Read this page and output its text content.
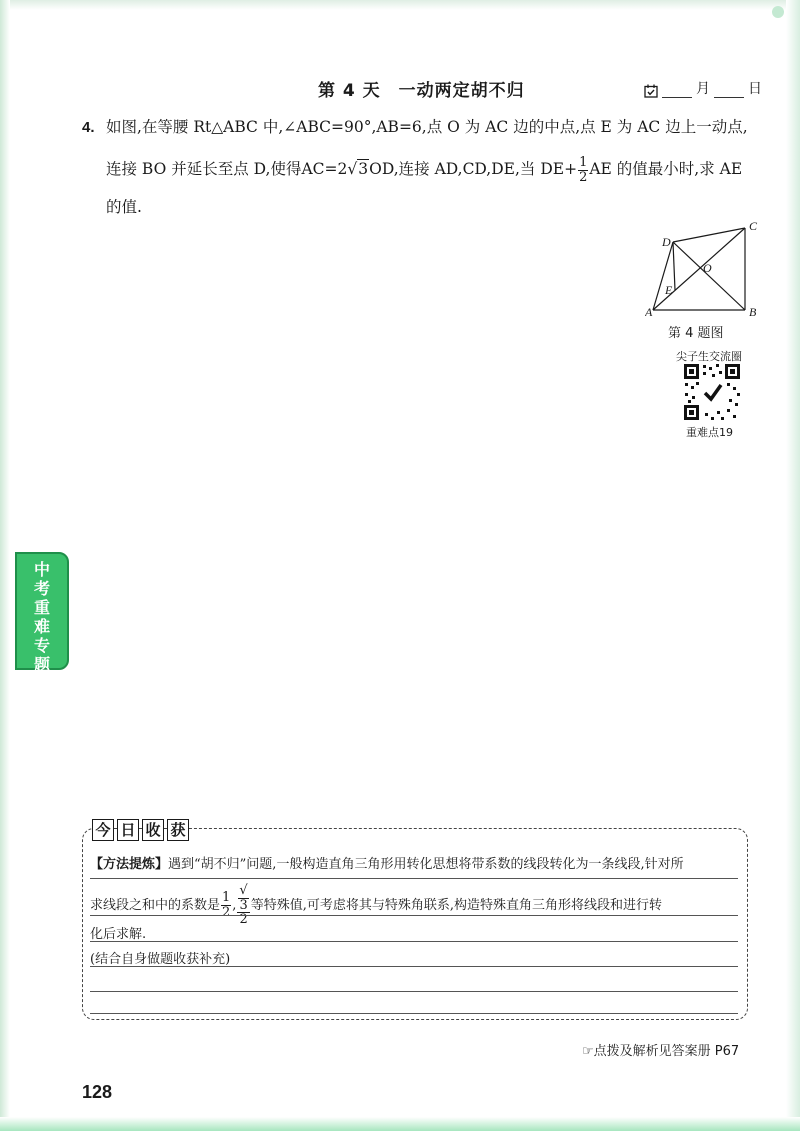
第 4 天 一动两定胡不归	月	日
4. 如图,在等腰 Rt△ABC 中,∠ABC=90°,AB=6,点 O 为 AC 边的中点,点 E 为 AC 边上一动点,
连接 BO 并延长至点 D,使得AC=2√3OD,连接 AD,CD,DE,当 $DE+ \frac{1}{2}$ AE 的值最小时,求 AE
的值.
A	B
C
D
E
O
第 4 题图
尖子生交流圈
重难点19
中考重难专题
今 日 收 获
【方法提炼】遇到“胡不归”问题,一般构造直角三角形用转化思想将带系数的线段转化为一条线段,针对所
求线段之和中的系数是 $\frac{1}{2}$ , √
3
2 等特殊值,可考虑将其与特殊角联系,构造特殊直角三角形将线段和进行转
化后求解.
(结合自身做题收获补充)
☞点拨及解析见答案册 P67
128
